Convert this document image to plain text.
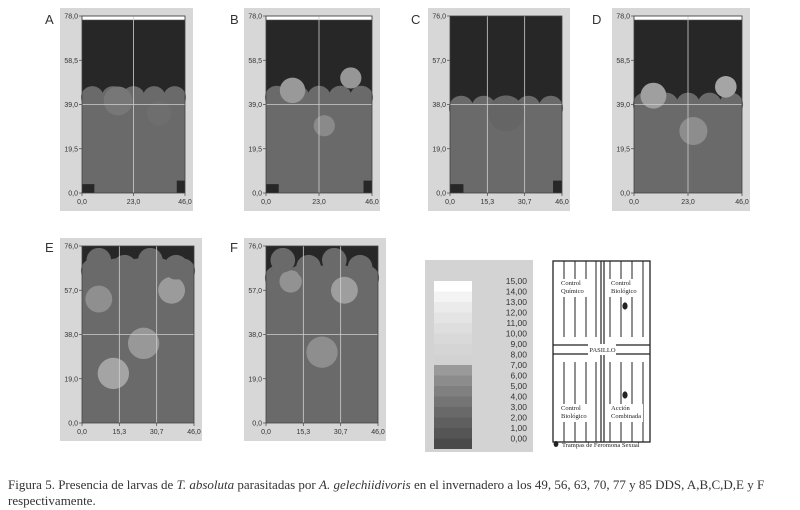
A	B	C	D
E	F
78,0
58,5
39,0
19,5
0,0
0,0	23,0	46,0
78,0
58,5
39,0
19,5
0,0
0,0	23,0	46,0
76,0
57,0
38,0
19,0
0,0
0,0	15,3	30,7	46,0
78,0
58,5
39,0
19,5
0,0
0,0	23,0	46,0
76,0
57,0
38,0
19,0
0,0
0,0	15,3	30,7	46,0
76,0
57,0
38,0
19,0
0,0
0,0	15,3	30,7	46,0
15,00
14,00
13,00
12,00
11,00
10,00
9,00
8,00
7,00
6,00
5,00
4,00
3,00
2,00
1,00
0,00
Control Químico
Control Biológico
PASILLO
Control Biológico
Acción Combinada
Trampas de Feromona Sexual
Figura 5. Presencia de larvas de T. absoluta parasitadas por A. gelechiidivoris en el invernadero a los 49, 56, 63, 70, 77 y 85 DDS, A,B,C,D,E y F respectivamente.
